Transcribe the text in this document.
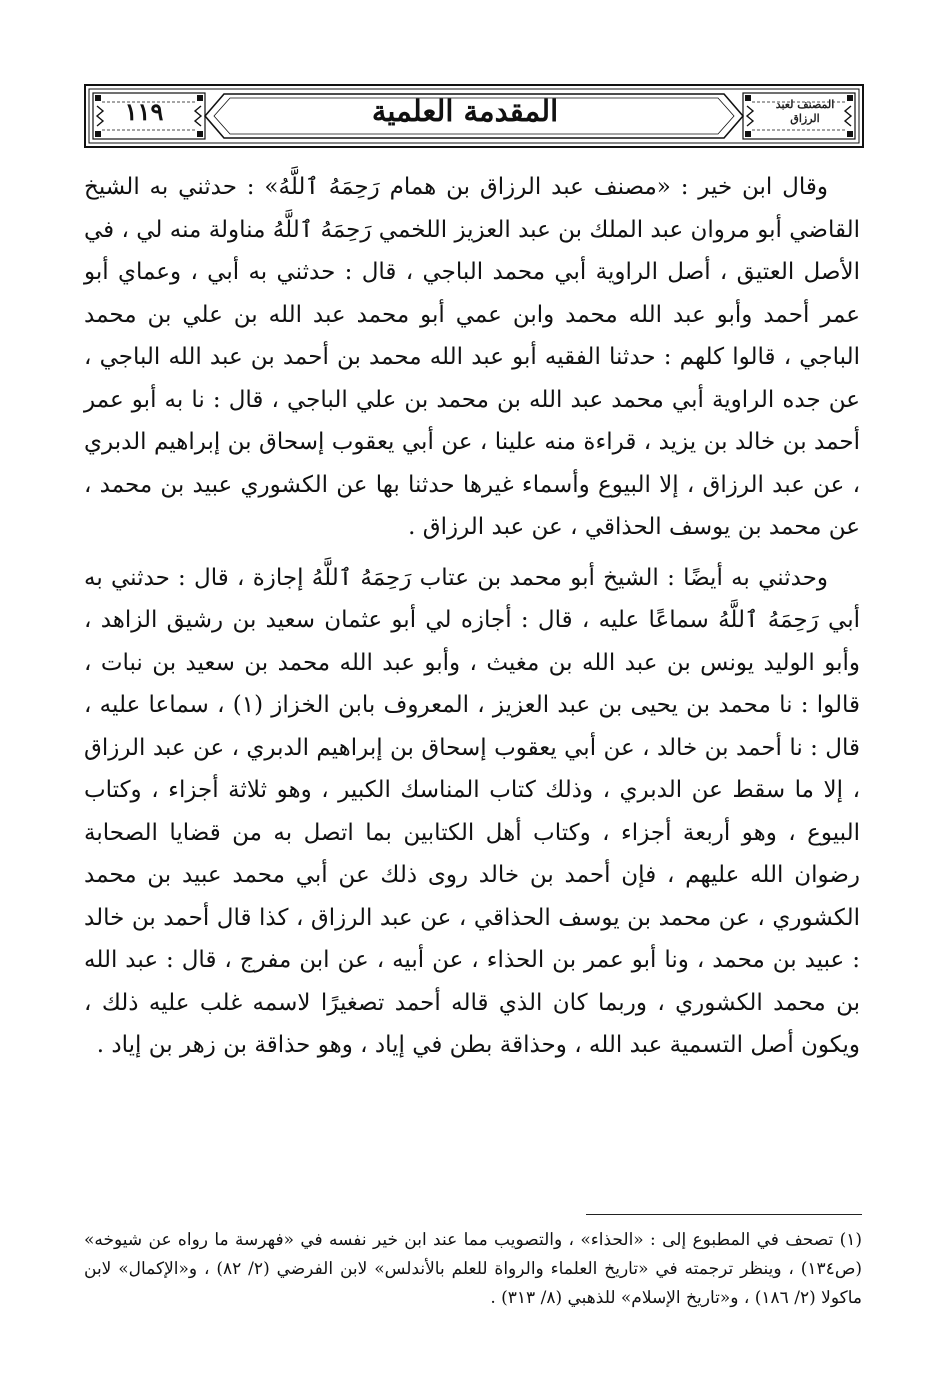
١١٩	المقدمة العلمية	المصنف لعبد الرزاق

وقال ابن خير : «مصنف عبد الرزاق بن همام رَحِمَهُ ٱللَّهُ» : حدثني به الشيخ القاضي أبو مروان عبد الملك بن عبد العزيز اللخمي رَحِمَهُ ٱللَّهُ مناولة منه لي ، في الأصل العتيق ، أصل الراوية أبي محمد الباجي ، قال : حدثني به أبي ، وعماي أبو عمر أحمد وأبو عبد الله محمد وابن عمي أبو محمد عبد الله بن علي بن محمد الباجي ، قالوا كلهم : حدثنا الفقيه أبو عبد الله محمد بن أحمد بن عبد الله الباجي ، عن جده الراوية أبي محمد عبد الله بن محمد بن علي الباجي ، قال : نا به أبو عمر أحمد بن خالد بن يزيد ، قراءة منه علينا ، عن أبي يعقوب إسحاق بن إبراهيم الدبري ، عن عبد الرزاق ، إلا البيوع وأسماء غيرها حدثنا بها عن الكشوري عبيد بن محمد ، عن محمد بن يوسف الحذاقي ، عن عبد الرزاق .

وحدثني به أيضًا : الشيخ أبو محمد بن عتاب رَحِمَهُ ٱللَّهُ إجازة ، قال : حدثني به أبي رَحِمَهُ ٱللَّهُ سماعًا عليه ، قال : أجازه لي أبو عثمان سعيد بن رشيق الزاهد ، وأبو الوليد يونس بن عبد الله بن مغيث ، وأبو عبد الله محمد بن سعيد بن نبات ، قالوا : نا محمد بن يحيى بن عبد العزيز ، المعروف بابن الخزاز (١) ، سماعا عليه ، قال : نا أحمد بن خالد ، عن أبي يعقوب إسحاق بن إبراهيم الدبري ، عن عبد الرزاق ، إلا ما سقط عن الدبري ، وذلك كتاب المناسك الكبير ، وهو ثلاثة أجزاء ، وكتاب البيوع ، وهو أربعة أجزاء ، وكتاب أهل الكتابين بما اتصل به من قضايا الصحابة رضوان الله عليهم ، فإن أحمد بن خالد روى ذلك عن أبي محمد عبيد بن محمد الكشوري ، عن محمد بن يوسف الحذاقي ، عن عبد الرزاق ، كذا قال أحمد بن خالد : عبيد بن محمد ، ونا أبو عمر بن الحذاء ، عن أبيه ، عن ابن مفرج ، قال : عبد الله بن محمد الكشوري ، وربما كان الذي قاله أحمد تصغيرًا لاسمه غلب عليه ذلك ، ويكون أصل التسمية عبد الله ، وحذاقة بطن في إياد ، وهو حذاقة بن زهر بن إياد .

(١) تصحف في المطبوع إلى : «الحذاء» ، والتصويب مما عند ابن خير نفسه في «فهرسة ما رواه عن شيوخه» (ص١٣٤) ، وينظر ترجمته في «تاريخ العلماء والرواة للعلم بالأندلس» لابن الفرضي (٢/ ٨٢) ، و«الإكمال» لابن ماكولا (٢/ ١٨٦) ، و«تاريخ الإسلام» للذهبي (٨/ ٣١٣) .
